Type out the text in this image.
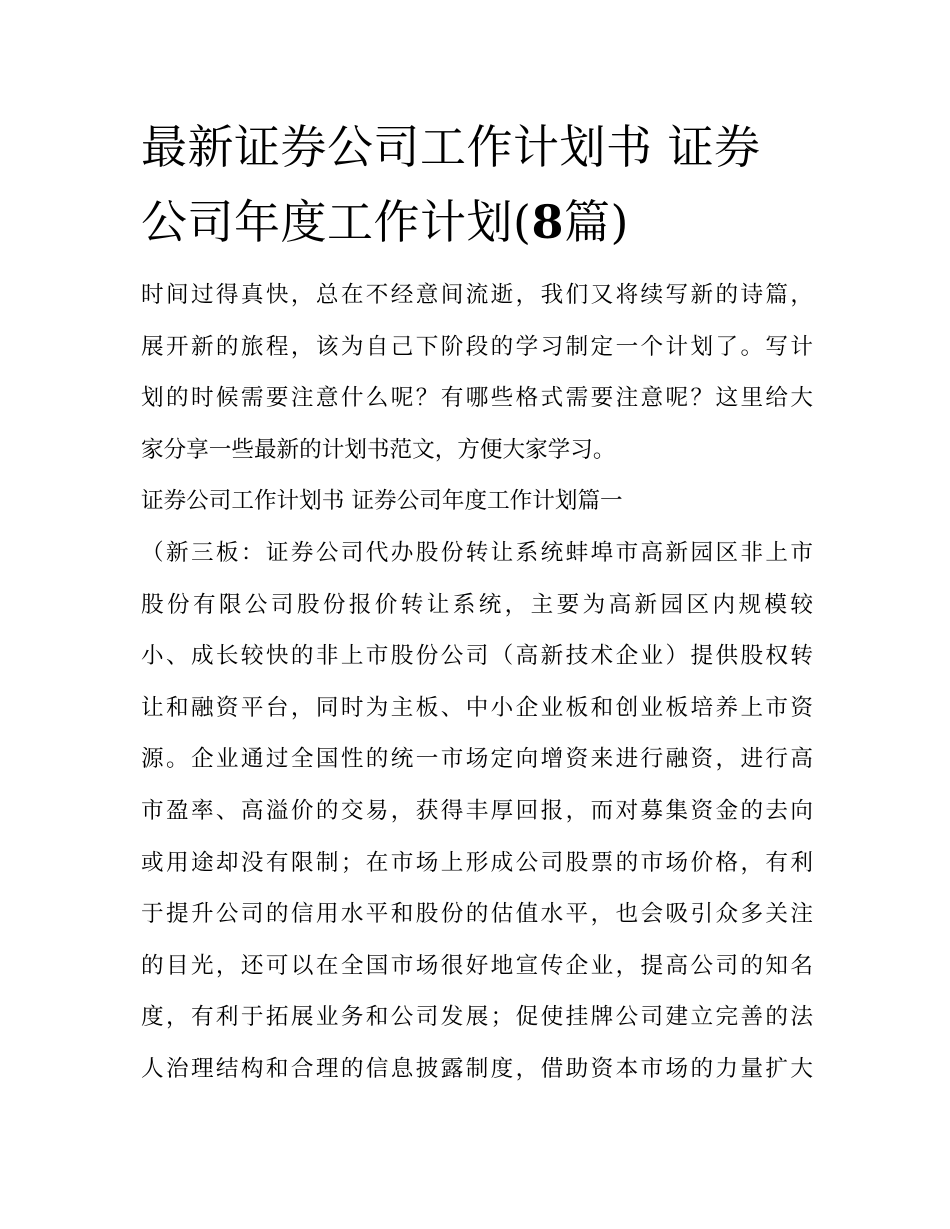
最新证券公司工作计划书 证券
公司年度工作计划(8篇)
时间过得真快，总在不经意间流逝，我们又将续写新的诗篇，
展开新的旅程，该为自己下阶段的学习制定一个计划了。写计
划的时候需要注意什么呢？有哪些格式需要注意呢？这里给大
家分享一些最新的计划书范文，方便大家学习。
证券公司工作计划书 证券公司年度工作计划篇一
（新三板：证券公司代办股份转让系统蚌埠市高新园区非上市
股份有限公司股份报价转让系统，主要为高新园区内规模较
小、成长较快的非上市股份公司（高新技术企业）提供股权转
让和融资平台，同时为主板、中小企业板和创业板培养上市资
源。企业通过全国性的统一市场定向增资来进行融资，进行高
市盈率、高溢价的交易，获得丰厚回报，而对募集资金的去向
或用途却没有限制；在市场上形成公司股票的市场价格，有利
于提升公司的信用水平和股份的估值水平，也会吸引众多关注
的目光，还可以在全国市场很好地宣传企业，提高公司的知名
度，有利于拓展业务和公司发展；促使挂牌公司建立完善的法
人治理结构和合理的信息披露制度，借助资本市场的力量扩大
